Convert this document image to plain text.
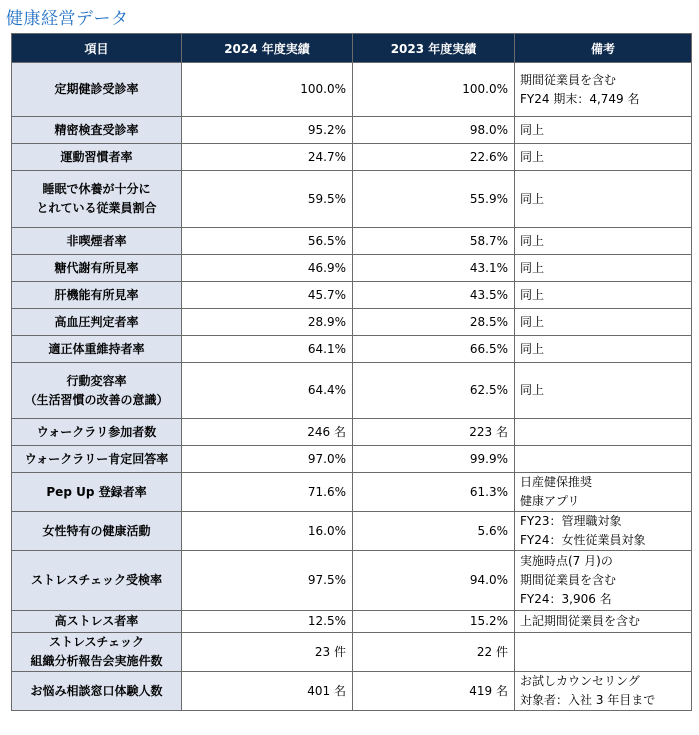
健康経営データ
項目	2024 年度実績	2023 年度実績	備考

定期健診受診率	100.0%	100.0%	期間従業員を含む
FY24 期末：4,749 名

精密検査受診率	95.2%	98.0%	同上

運動習慣者率	24.7%	22.6%	同上

睡眠で休養が十分に
とれている従業員割合	59.5%	55.9%	同上

非喫煙者率	56.5%	58.7%	同上

糖代謝有所見率	46.9%	43.1%	同上

肝機能有所見率	45.7%	43.5%	同上

高血圧判定者率	28.9%	28.5%	同上

適正体重維持者率	64.1%	66.5%	同上

行動変容率
（生活習慣の改善の意識）	64.4%	62.5%	同上

ウォークラリ参加者数	246 名	223 名	

ウォークラリー肯定回答率	97.0%	99.9%	

Pep Up 登録者率	71.6%	61.3%	日産健保推奨
健康アプリ

女性特有の健康活動	16.0%	5.6%	FY23：管理職対象
FY24：女性従業員対象

ストレスチェック受検率	97.5%	94.0%	実施時点(7 月)の
期間従業員を含む
FY24：3,906 名

高ストレス者率	12.5%	15.2%	上記期間従業員を含む

ストレスチェック
組織分析報告会実施件数	23 件	22 件	

お悩み相談窓口体験人数	401 名	419 名	お試しカウンセリング
対象者：入社 3 年目まで
